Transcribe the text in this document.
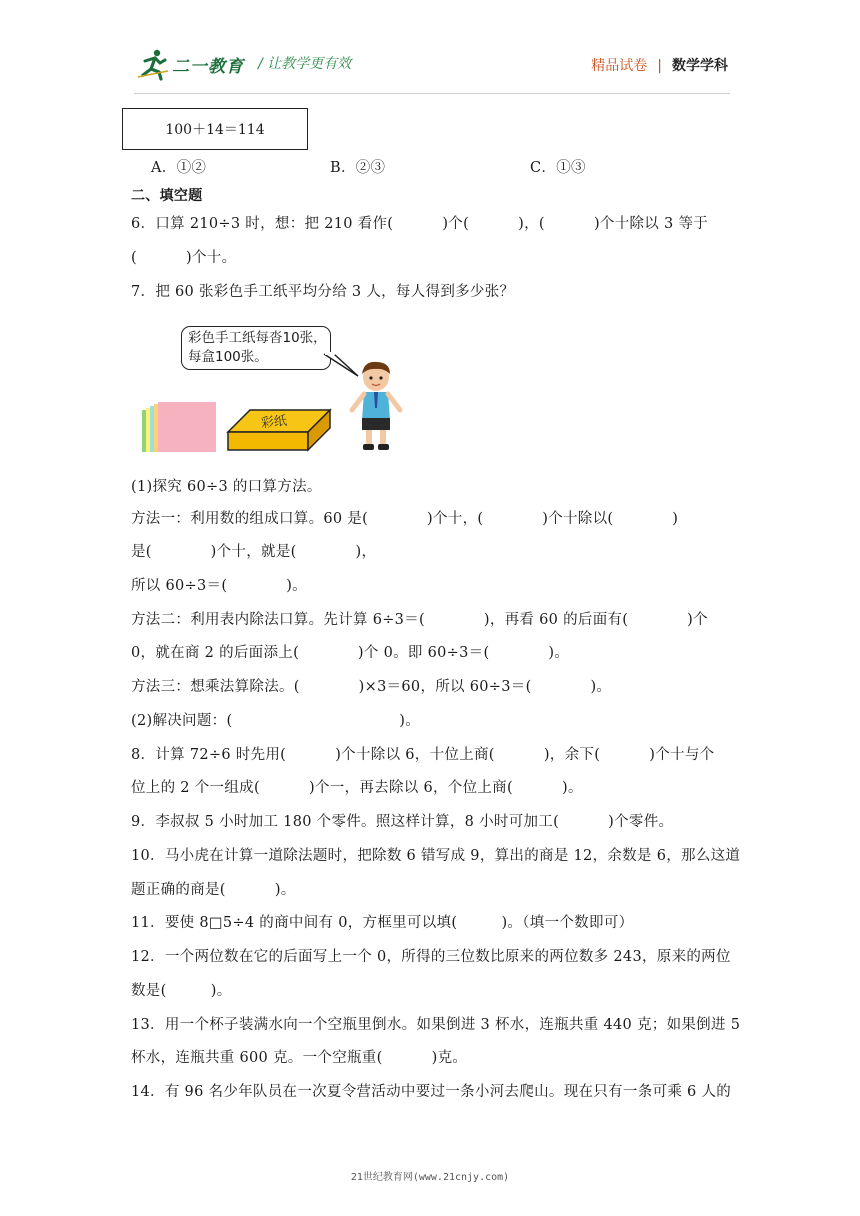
二一教育 / 让教学更有效	精品试卷 | 数学学科
100＋14＝114
A．①②	B．②③	C．①③
二、填空题
6．口算 210÷3 时，想：把 210 看作(          )个(          )，(          )个十除以 3 等于
(          )个十。
7．把 60 张彩色手工纸平均分给 3 人，每人得到多少张？
彩色手工纸每沓10张，
每盒100张。
彩纸
(1)探究 60÷3 的口算方法。
方法一：利用数的组成口算。60 是(            )个十，(            )个十除以(            )
是(            )个十，就是(            )，
所以 60÷3＝(            )。
方法二：利用表内除法口算。先计算 6÷3＝(            )，再看 60 的后面有(            )个
0，就在商 2 的后面添上(            )个 0。即 60÷3＝(            )。
方法三：想乘法算除法。(            )×3＝60，所以 60÷3＝(            )。
(2)解决问题：(                                  )。
8．计算 72÷6 时先用(          )个十除以 6，十位上商(          )，余下(          )个十与个
位上的 2 个一组成(          )个一，再去除以 6，个位上商(          )。
9．李叔叔 5 小时加工 180 个零件。照这样计算，8 小时可加工(          )个零件。
10．马小虎在计算一道除法题时，把除数 6 错写成 9，算出的商是 12，余数是 6，那么这道
题正确的商是(          )。
11．要使 8□5÷4 的商中间有 0，方框里可以填(         )。（填一个数即可）
12．一个两位数在它的后面写上一个 0，所得的三位数比原来的两位数多 243，原来的两位
数是(         )。
13．用一个杯子装满水向一个空瓶里倒水。如果倒进 3 杯水，连瓶共重 440 克；如果倒进 5
杯水，连瓶共重 600 克。一个空瓶重(          )克。
14．有 96 名少年队员在一次夏令营活动中要过一条小河去爬山。现在只有一条可乘 6 人的
21世纪教育网(www.21cnjy.com)
